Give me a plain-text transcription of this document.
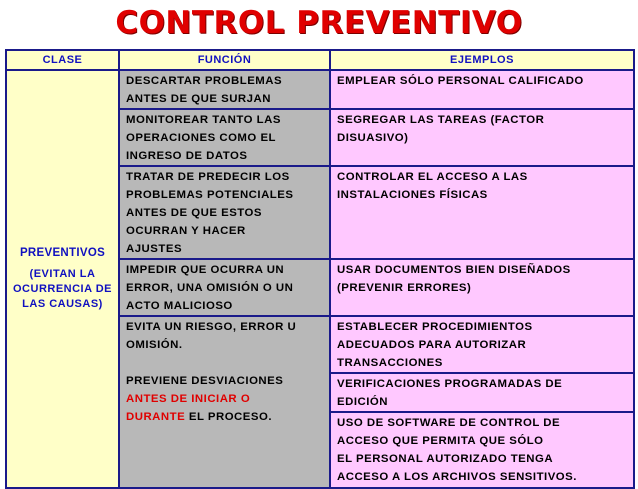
CONTROL PREVENTIVO
CLASE	FUNCIÓN	EJEMPLOS

PREVENTIVOS
(EVITAN LA
OCURRENCIA DE
LAS CAUSAS)	DESCARTAR PROBLEMAS
ANTES DE QUE SURJAN	EMPLEAR SÓLO PERSONAL CALIFICADO

	MONITOREAR TANTO LAS
OPERACIONES COMO EL
INGRESO DE DATOS	SEGREGAR LAS TAREAS (FACTOR
DISUASIVO)

	TRATAR DE PREDECIR LOS
PROBLEMAS POTENCIALES
ANTES DE QUE ESTOS
OCURRAN Y HACER
AJUSTES	CONTROLAR EL ACCESO A LAS
INSTALACIONES FÍSICAS

	IMPEDIR QUE OCURRA UN
ERROR, UNA OMISIÓN O UN
ACTO MALICIOSO	USAR DOCUMENTOS BIEN DISEÑADOS
(PREVENIR ERRORES)

	EVITA UN RIESGO, ERROR U
OMISIÓN.
PREVIENE DESVIACIONES
ANTES DE INICIAR O
DURANTE EL PROCESO.	ESTABLECER PROCEDIMIENTOS
ADECUADOS PARA AUTORIZAR
TRANSACCIONES

		VERIFICACIONES PROGRAMADAS DE
EDICIÓN

		USO DE SOFTWARE DE CONTROL DE
ACCESO QUE PERMITA QUE SÓLO
EL PERSONAL AUTORIZADO TENGA
ACCESO A LOS ARCHIVOS SENSITIVOS.
